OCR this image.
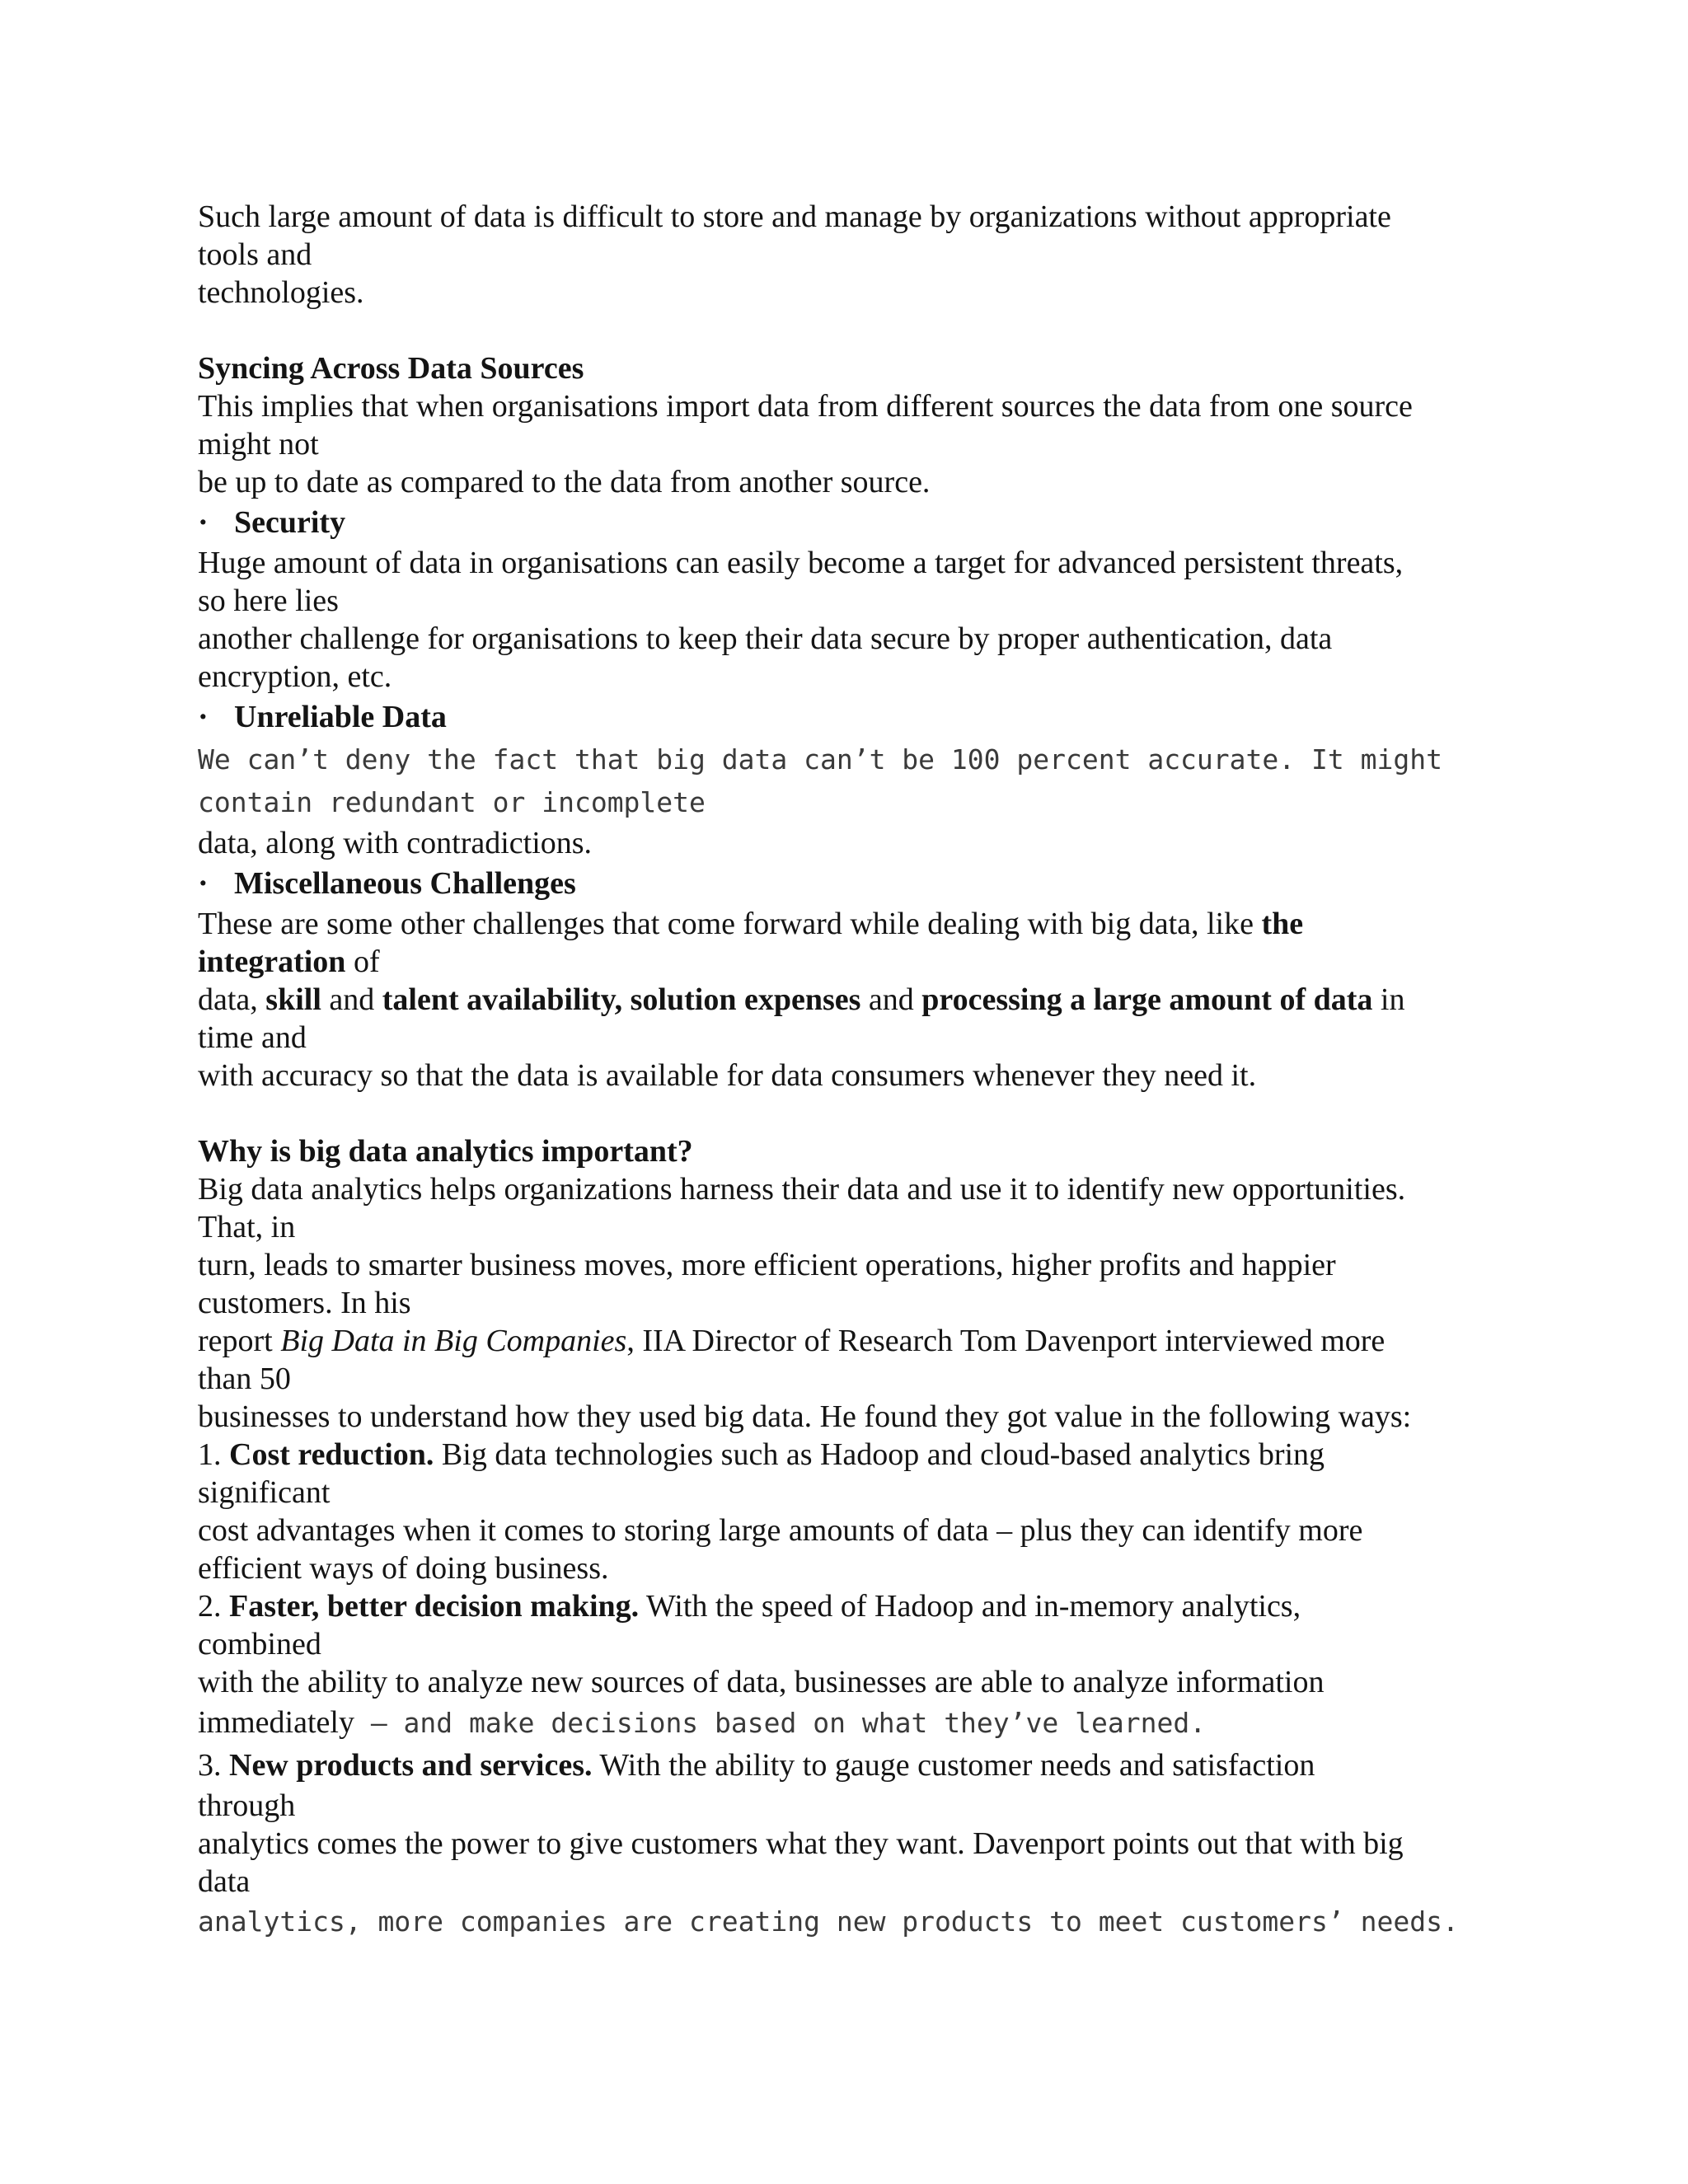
Such large amount of data is difficult to store and manage by organizations without appropriate
tools and
technologies.
Syncing Across Data Sources
This implies that when organisations import data from different sources the data from one source
might not
be up to date as compared to the data from another source.
· Security
Huge amount of data in organisations can easily become a target for advanced persistent threats,
so here lies
another challenge for organisations to keep their data secure by proper authentication, data
encryption, etc.
· Unreliable Data
We can’t deny the fact that big data can’t be 100 percent accurate. It might
contain redundant or incomplete
data, along with contradictions.
· Miscellaneous Challenges
These are some other challenges that come forward while dealing with big data, like the
integration of
data, skill and talent availability, solution expenses and processing a large amount of data in
time and
with accuracy so that the data is available for data consumers whenever they need it.
Why is big data analytics important?
Big data analytics helps organizations harness their data and use it to identify new opportunities.
That, in
turn, leads to smarter business moves, more efficient operations, higher profits and happier
customers. In his
report Big Data in Big Companies, IIA Director of Research Tom Davenport interviewed more
than 50
businesses to understand how they used big data. He found they got value in the following ways:
1. Cost reduction. Big data technologies such as Hadoop and cloud-based analytics bring
significant
cost advantages when it comes to storing large amounts of data – plus they can identify more
efficient ways of doing business.
2. Faster, better decision making. With the speed of Hadoop and in-memory analytics,
combined
with the ability to analyze new sources of data, businesses are able to analyze information
immediately – and make decisions based on what they’ve learned.
3. New products and services. With the ability to gauge customer needs and satisfaction
through
analytics comes the power to give customers what they want. Davenport points out that with big
data
analytics, more companies are creating new products to meet customers’ needs.
